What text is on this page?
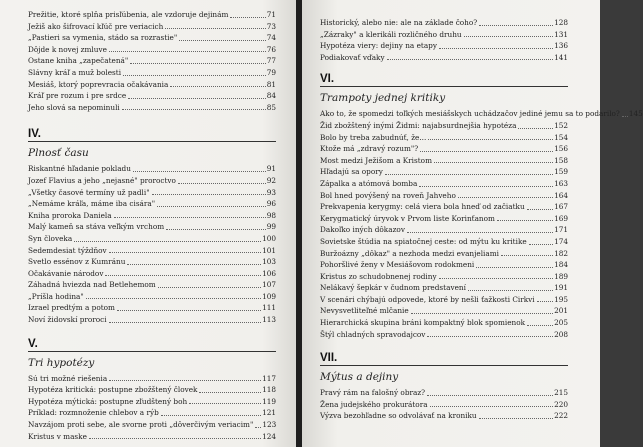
Prežitie, ktoré splňa prisľúbenia, ale vzdoruje dejinám	71
Ježiš ako šifrovací kľúč pre veriacich	73
„Pastieri sa vymenia, stádo sa rozrastie"	74
Dôjde k novej zmluve	76
Ostane kniha „zapečatená"	77
Slávny kráľ a muž bolesti	79
Mesiáš, ktorý poprevracia očakávania	81
Kráľ pre rozum i pre srdce	84
Jeho slová sa nepominuli	85
IV.
Plnosť času
Riskantné hľadanie pokladu	91
Jozef Flavius a jeho „nejasné" proroctvo	92
„Všetky časové termíny už padli"	93
„Nemáme kráľa, máme iba cisára"	96
Kniha proroka Daniela	98
Malý kameň sa stáva veľkým vrchom	99
Syn človeka	100
Sedemdesiat týždňov	101
Svetlo essénov z Kumránu	103
Očakávanie národov	106
Záhadná hviezda nad Betlehemom	107
„Príšla hodina"	109
Izrael predtým a potom	111
Noví židovskí proroci	113
V.
Tri hypotézy
Sú tri možné riešenia	117
Hypotéza kritická: postupne zbožštený človek	118
Hypotéza mýtická: postupne zľudštený boh	119
Príklad: rozmnoženie chlebov a rýb	121
Navzájom proti sebe, ale svorne proti „dôverčivým veriacim" 123
Kristus v maske	124
Historický, alebo nie: ale na základe čoho?	128
„Zázraky" a klerikáli rozličného druhu	131
Hypotéza viery: dejiny na etapy	136
Podiakovať vďaky	141
VI.
Trampoty jednej kritiky
Ako to, že spomedzi toľkých mesiášskych uchádzačov jediné jemu sa to podarilo? 145
Žid zbožštený inými Židmi: najabsurdnejšia hypotéza	152
Bolo by treba zabudnúť, že...	154
Ktože má „zdravý rozum"?	156
Most medzi Ježišom a Kristom	158
Hľadajú sa opory	159
Zápalka a atómová bomba	163
Bol hned povýšený na roveň Jahveho	164
Prekvapenia kerygmy: celá viera bola hneď od začiatku	167
Kerygmatický úryvok v Prvom liste Korinťanom	169
Dakoľko iných dôkazov	171
Sovietske štúdia na spiatočnej ceste: od mýtu ku kritike	174
Buržoázny „dôkaz" a nezhoda medzi evanjeliami	182
Pohoršlivé ženy v Mesiášovom rodokmeni	184
Kristus zo schudobnenej rodiny	189
Nelákavý šepkár v čudnom predstavení	191
V scenári chýbajú odpovede, ktoré by nešli ťažkosti Cirkvi	195
Nevysvetliteľné mlčanie	201
Hierarchická skupina bráni kompaktný blok spomienok	205
Štýl chladných spravodajcov	208
VII.
Mýtus a dejiny
Pravý rám na falošný obraz?	215
Žena judejského prokurátora	220
Výzva bezohľadne so odvolávať na kroniku	222
